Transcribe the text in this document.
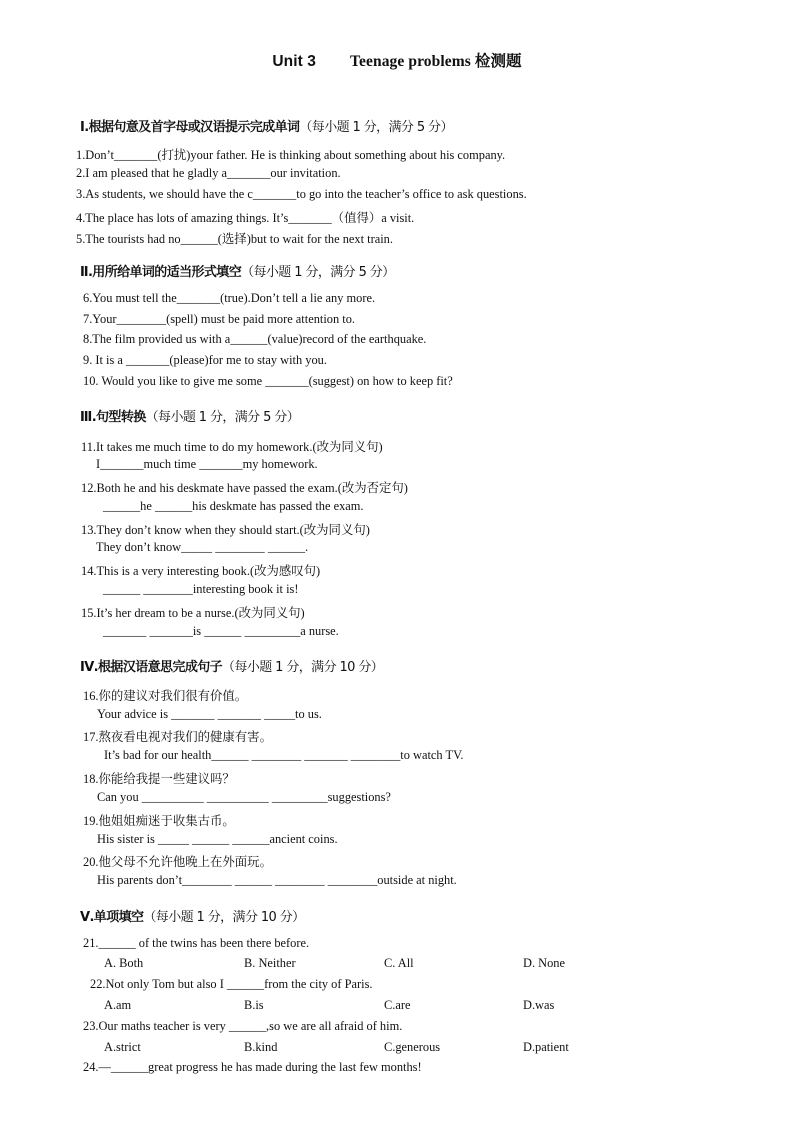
Unit 3 Teenage problems 检测题
Ⅰ.根据句意及首字母或汉语提示完成单词（每小题 1 分，满分 5 分）
1.Don’t_______(打扰)your father. He is thinking about something about his company.
2.I am pleased that he gladly a_______our invitation.
3.As students, we should have the c_______to go into the teacher’s office to ask questions.
4.The place has lots of amazing things. It’s_______（值得）a visit.
5.The tourists had no______(选择)but to wait for the next train.
Ⅱ.用所给单词的适当形式填空（每小题 1 分，满分 5 分）
6.You must tell the_______(true).Don’t tell a lie any more.
7.Your________(spell) must be paid more attention to.
8.The film provided us with a______(value)record of the earthquake.
9. It is a _______(please)for me to stay with you.
10. Would you like to give me some _______(suggest) on how to keep fit?
Ⅲ.句型转换（每小题 1 分，满分 5 分）
11.It takes me much time to do my homework.(改为同义句)
I_______much time _______my homework.
12.Both he and his deskmate have passed the exam.(改为否定句)
______he ______his deskmate has passed the exam.
13.They don’t know when they should start.(改为同义句)
They don’t know_____ ________ ______.
14.This is a very interesting book.(改为感叹句)
______ ________interesting book it is!
15.It’s her dream to be a nurse.(改为同义句)
_______ _______is ______ _________a nurse.
Ⅳ.根据汉语意思完成句子（每小题 1 分，满分 10 分）
16.你的建议对我们很有价值。
Your advice is _______ _______ _____to us.
17.熬夜看电视对我们的健康有害。
It’s bad for our health______ ________ _______ ________to watch TV.
18.你能给我提一些建议吗？
Can you __________ __________ _________suggestions?
19.他姐姐痴迷于收集古币。
His sister is _____ ______ ______ancient coins.
20.他父母不允许他晚上在外面玩。
His parents don’t________ ______ ________ ________outside at night.
Ⅴ.单项填空（每小题 1 分，满分 10 分）
21.______ of the twins has been there before.
A. Both	B. Neither	C. All	D. None
22.Not only Tom but also I ______from the city of Paris.
A.am	B.is	C.are	D.was
23.Our maths teacher is very ______,so we are all afraid of him.
A.strict	B.kind	C.generous	D.patient
24.—______great progress he has made during the last few months!
